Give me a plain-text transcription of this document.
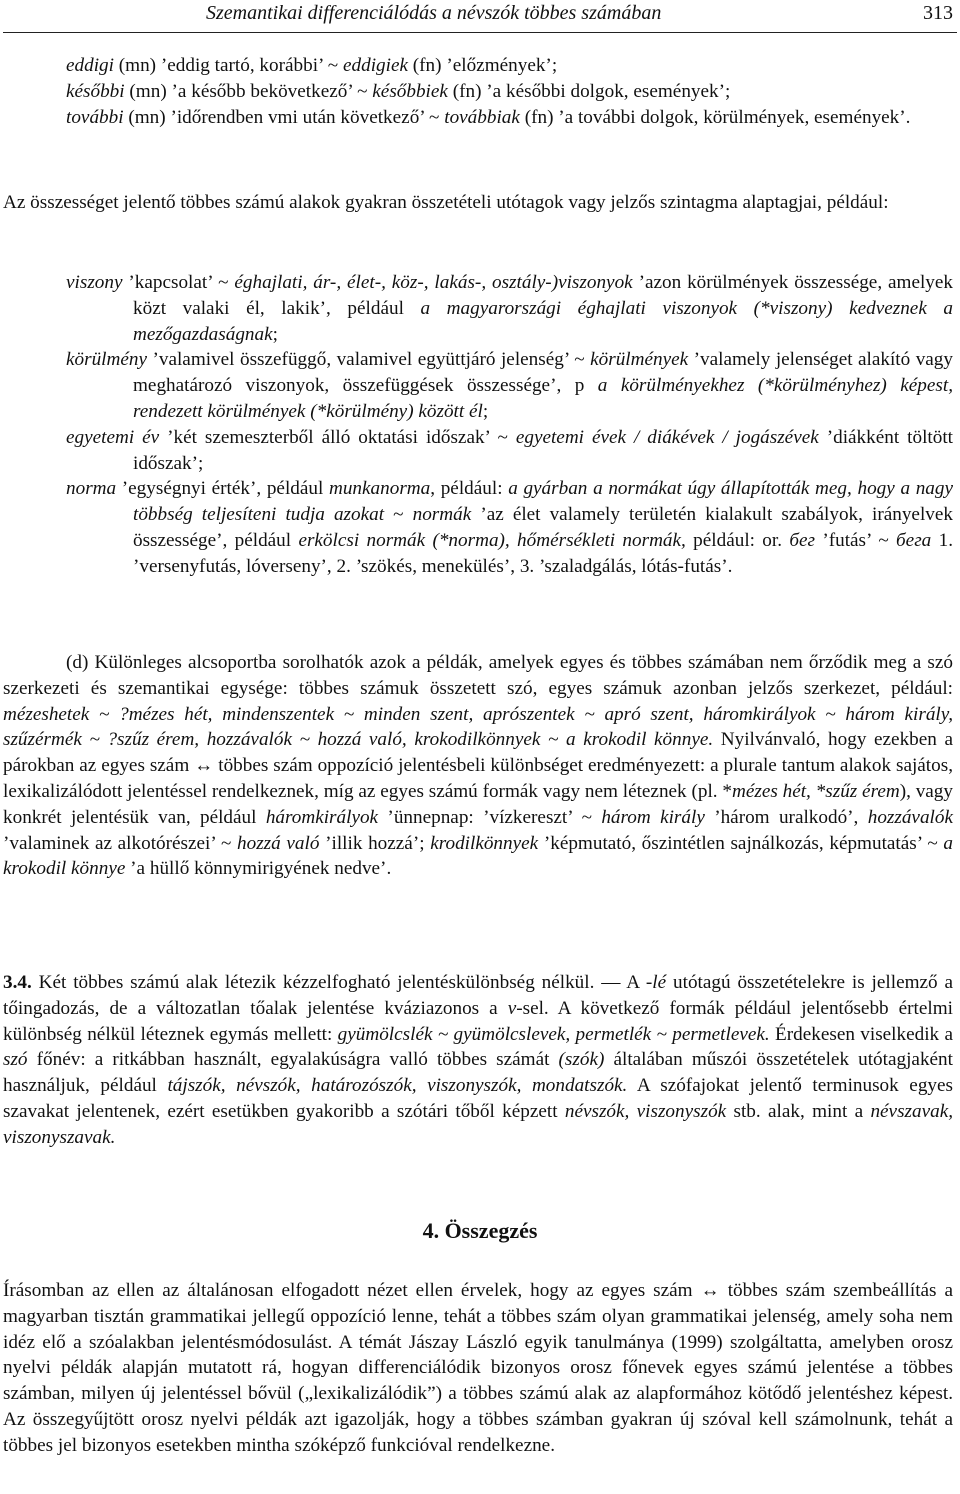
Szemantikai differenciálódás a névszók többes számában	313

eddigi (mn) ’eddig tartó, korábbi’ ~ eddigiek (fn) ’előzmények’;

későbbi (mn) ’a később bekövetkező’ ~ későbbiek (fn) ’a későbbi dolgok, események’;

további (mn) ’időrendben vmi után következő’ ~ továbbiak (fn) ’a további dolgok, körülmények, események’.

Az összességet jelentő többes számú alakok gyakran összetételi utótagok vagy jelzős szintagma alaptagjai, például:

viszony ’kapcsolat’ ~ éghajlati, ár-, élet-, köz-, lakás-, osztály-)viszonyok ’azon körülmények összessége, amelyek közt valaki él, lakik’, például a magyarországi éghajlati viszonyok (*viszony) kedveznek a mezőgazdaságnak;

körülmény ’valamivel összefüggő, valamivel együttjáró jelenség’ ~ körülmények ’valamely jelenséget alakító vagy meghatározó viszonyok, összefüggések összessége’, p a körülményekhez (*körülményhez) képest, rendezett körülmények (*körülmény) között él;

egyetemi év ’két szemeszterből álló oktatási időszak’ ~ egyetemi évek / diákévek / jogászévek ’diákként töltött időszak’;

norma ’egységnyi érték’, például munkanorma, például: a gyárban a normákat úgy állapították meg, hogy a nagy többség teljesíteni tudja azokat ~ normák ’az élet valamely területén kialakult szabályok, irányelvek összessége’, például erkölcsi normák (*norma), hőmérsékleti normák, például: or. бег ’futás’ ~ бега 1. ’versenyfutás, lóverseny’, 2. ’szökés, menekülés’, 3. ’szaladgálás, lótás-futás’.

(d) Különleges alcsoportba sorolhatók azok a példák, amelyek egyes és többes számában nem őrződik meg a szó szerkezeti és szemantikai egysége: többes számuk összetett szó, egyes számuk azonban jelzős szerkezet, például: mézeshetek ~ ?mézes hét, mindenszentek ~ minden szent, aprószentek ~ apró szent, háromkirályok ~ három király, szűzérmék ~ ?szűz érem, hozzávalók ~ hozzá való, krokodilkönnyek ~ a krokodil könnye. Nyilvánvaló, hogy ezekben a párokban az egyes szám ↔ többes szám oppozíció jelentésbeli különbséget eredményezett: a plurale tantum alakok sajátos, lexikalizálódott jelentéssel rendelkeznek, míg az egyes számú formák vagy nem léteznek (pl. *mézes hét, *szűz érem), vagy konkrét jelentésük van, például háromkirályok ’ünnepnap: ’vízkereszt’ ~ három király ’három uralkodó’, hozzávalók ’valaminek az alkotórészei’ ~ hozzá való ’illik hozzá’; krodilkönnyek ’képmutató, őszintétlen sajnálkozás, képmutatás’ ~ a krokodil könnye ’a hüllő könnymirigyének nedve’.

3.4. Két többes számú alak létezik kézzelfogható jelentéskülönbség nélkül. — A -lé utótagú összetételekre is jellemző a tőingadozás, de a változatlan tőalak jelentése kváziazonos a v-sel. A következő formák például jelentősebb értelmi különbség nélkül léteznek egymás mellett: gyümölcslék ~ gyümölcslevek, permetlék ~ permetlevek. Érdekesen viselkedik a szó főnév: a ritkábban használt, egyalakúságra valló többes számát (szók) általában műszói összetételek utótagjaként használjuk, például tájszók, névszók, határozószók, viszonyszók, mondatszók. A szófajokat jelentő terminusok egyes szavakat jelentenek, ezért esetükben gyakoribb a szótári tőből képzett névszók, viszonyszók stb. alak, mint a névszavak, viszonyszavak.

4. Összegzés

Írásomban az ellen az általánosan elfogadott nézet ellen érvelek, hogy az egyes szám ↔ többes szám szembeállítás a magyarban tisztán grammatikai jellegű oppozíció lenne, tehát a többes szám olyan grammatikai jelenség, amely soha nem idéz elő a szóalakban jelentésmódosulást. A témát Jászay László egyik tanulmánya (1999) szolgáltatta, amelyben orosz nyelvi példák alapján mutatott rá, hogyan differenciálódik bizonyos orosz főnevek egyes számú jelentése a többes számban, milyen új jelentéssel bővül („lexikalizálódik”) a többes számú alak az alapformához kötődő jelentéshez képest. Az összegyűjtött orosz nyelvi példák azt igazolják, hogy a többes számban gyakran új szóval kell számolnunk, tehát a többes jel bizonyos esetekben mintha szóképző funkcióval rendelkezne.
